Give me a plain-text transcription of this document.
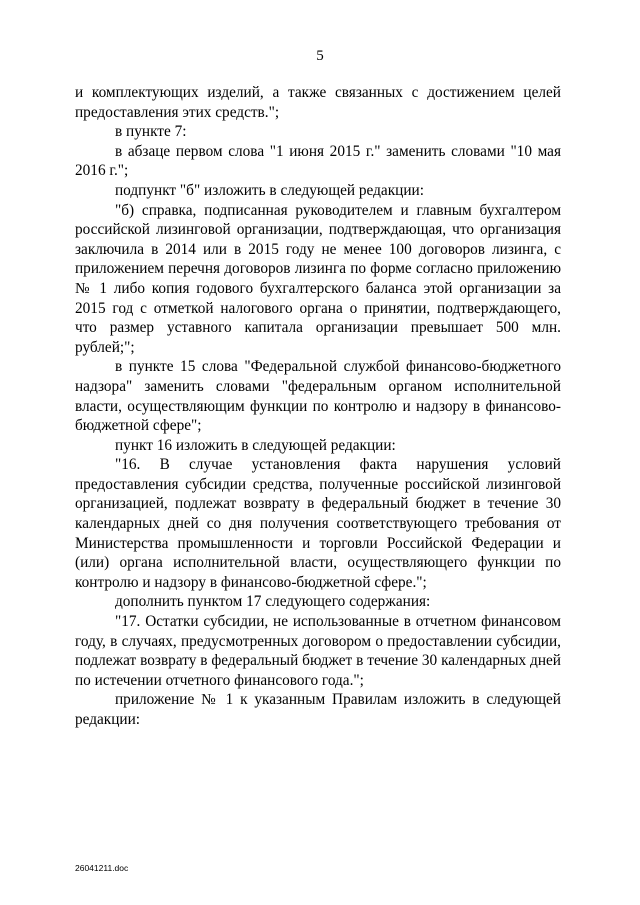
5

и комплектующих изделий, а также связанных с достижением целей предоставления этих средств.";

в пункте 7:

в абзаце первом слова "1 июня 2015 г." заменить словами "10 мая 2016 г.";

подпункт "б" изложить в следующей редакции:

"б) справка, подписанная руководителем и главным бухгалтером российской лизинговой организации, подтверждающая, что организация заключила в 2014 или в 2015 году не менее 100 договоров лизинга, с приложением перечня договоров лизинга по форме согласно приложению № 1 либо копия годового бухгалтерского баланса этой организации за 2015 год с отметкой налогового органа о принятии, подтверждающего, что размер уставного капитала организации превышает 500 млн. рублей;";

в пункте 15 слова "Федеральной службой финансово-бюджетного надзора" заменить словами "федеральным органом исполнительной власти, осуществляющим функции по контролю и надзору в финансово-бюджетной сфере";

пункт 16 изложить в следующей редакции:

"16. В случае установления факта нарушения условий предоставления субсидии средства, полученные российской лизинговой организацией, подлежат возврату в федеральный бюджет в течение 30 календарных дней со дня получения соответствующего требования от Министерства промышленности и торговли Российской Федерации и (или) органа исполнительной власти, осуществляющего функции по контролю и надзору в финансово-бюджетной сфере.";

дополнить пунктом 17 следующего содержания:

"17. Остатки субсидии, не использованные в отчетном финансовом году, в случаях, предусмотренных договором о предоставлении субсидии, подлежат возврату в федеральный бюджет в течение 30 календарных дней по истечении отчетного финансового года.";

приложение № 1 к указанным Правилам изложить в следующей редакции:

26041211.doc
